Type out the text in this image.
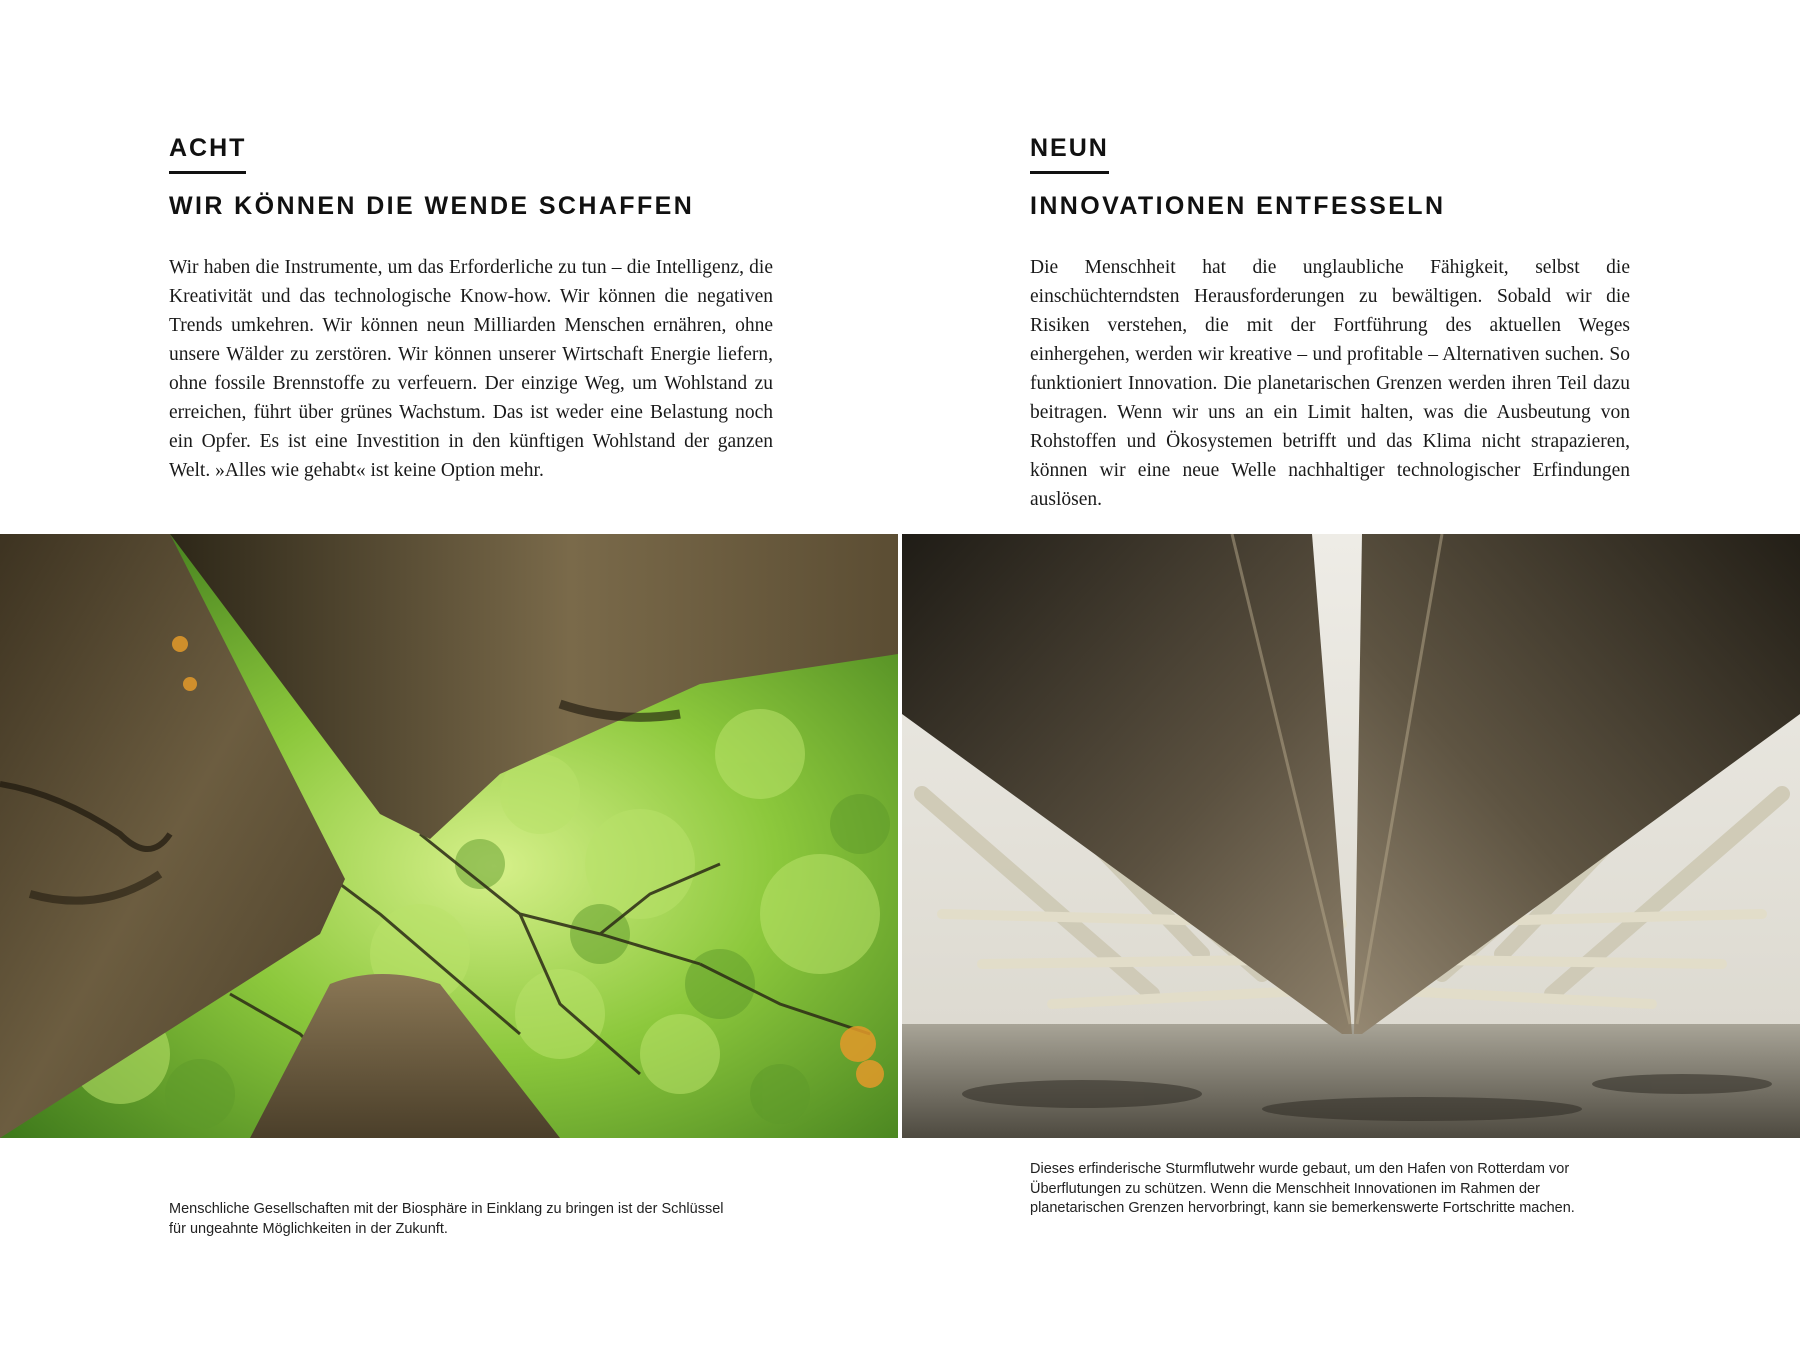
ACHT
WIR KÖNNEN DIE WENDE SCHAFFEN

Wir haben die Instrumente, um das Erforderliche zu tun – die Intelligenz, die Kreativität und das technologische Know-how. Wir können die negativen Trends umkehren. Wir können neun Milliarden Menschen ernähren, ohne unsere Wälder zu zerstören. Wir können unserer Wirtschaft Energie liefern, ohne fossile Brennstoffe zu verfeuern. Der einzige Weg, um Wohlstand zu erreichen, führt über grünes Wachstum. Das ist weder eine Belastung noch ein Opfer. Es ist eine Investition in den künftigen Wohlstand der ganzen Welt. »Alles wie gehabt« ist keine Option mehr.

NEUN
INNOVATIONEN ENTFESSELN

Die Menschheit hat die unglaubliche Fähigkeit, selbst die einschüchterndsten Herausforderungen zu bewältigen. Sobald wir die Risiken verstehen, die mit der Fortführung des aktuellen Weges einhergehen, werden wir kreative – und profitable – Alternativen suchen. So funktioniert Innovation. Die planetarischen Grenzen werden ihren Teil dazu beitragen. Wenn wir uns an ein Limit halten, was die Ausbeutung von Rohstoffen und Ökosystemen betrifft und das Klima nicht strapazieren, können wir eine neue Welle nachhaltiger technologischer Erfindungen auslösen.

Menschliche Gesellschaften mit der Biosphäre in Einklang zu bringen ist der Schlüssel für ungeahnte Möglichkeiten in der Zukunft.

Dieses erfinderische Sturmflutwehr wurde gebaut, um den Hafen von Rotterdam vor Überflutungen zu schützen. Wenn die Menschheit Innovationen im Rahmen der planetarischen Grenzen hervorbringt, kann sie bemerkenswerte Fortschritte machen.
